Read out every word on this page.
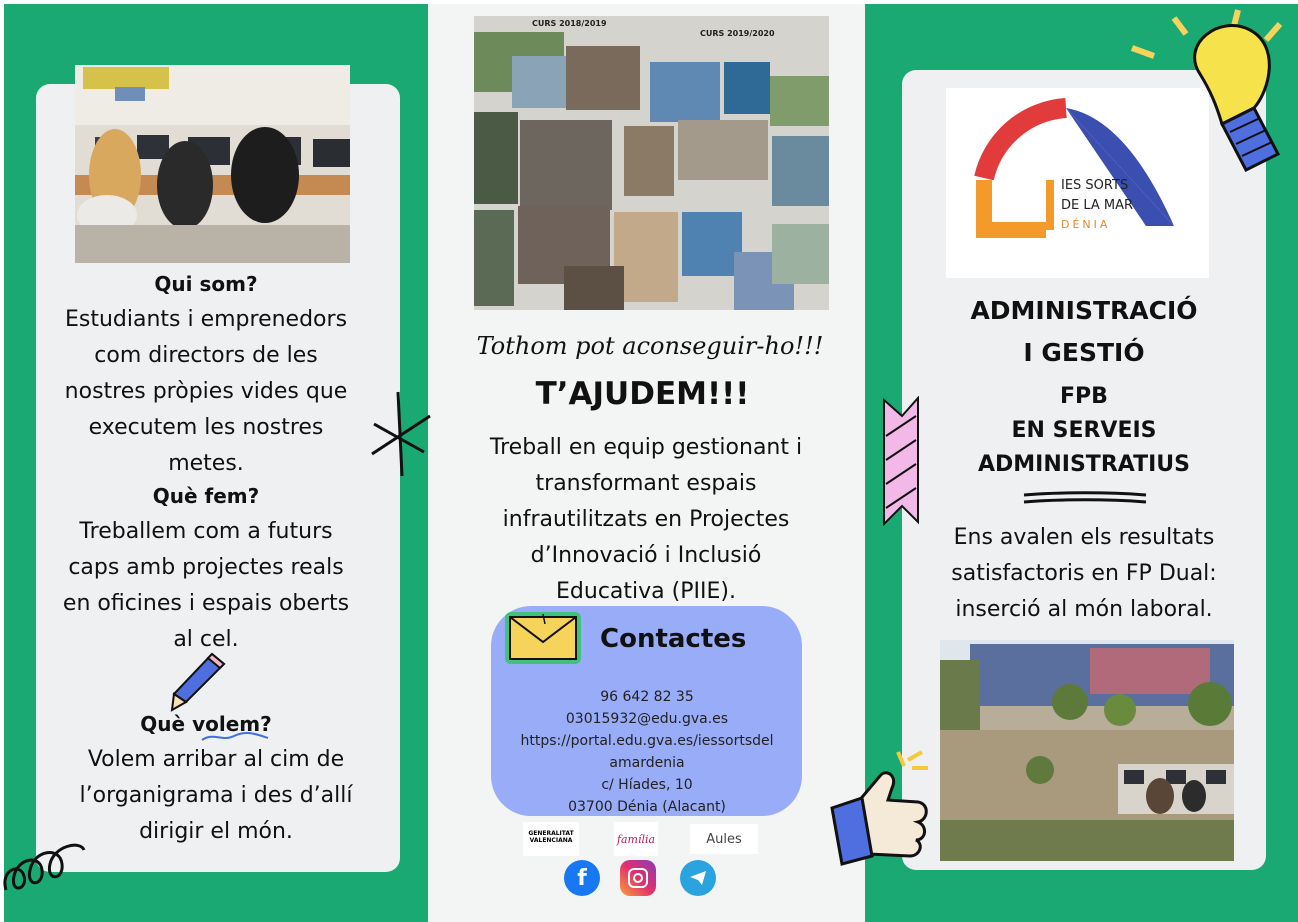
Qui som?
Estudiants i emprenedors com directors de les nostres pròpies vides que executem les nostres metes.
Què fem?
Treballem com a futurs caps amb projectes reals en oficines i espais oberts al cel.
Què volem?
Volem arribar al cim de l’organigrama i des d’allí dirigir el món.
CURS 2018/2019
CURS 2019/2020
Tothom pot aconseguir-ho!!!
T’AJUDEM!!!
Treball en equip gestionant i transformant espais infrautilitzats en Projectes d’Innovació i Inclusió Educativa (PIIE).
Contactes
96 642 82 35
03015932@edu.gva.es
https://portal.edu.gva.es/iessortsdel
amardenia
c/ Híades, 10
03700 Dénia (Alacant)
GENERALITAT
VALENCIANA	família	Aules
f
IES SORTS
DE LA MAR
DÉNIA
ADMINISTRACIÓ
I GESTIÓ
FPB
EN SERVEIS
ADMINISTRATIUS
Ens avalen els resultats satisfactoris en FP Dual: inserció al món laboral.
